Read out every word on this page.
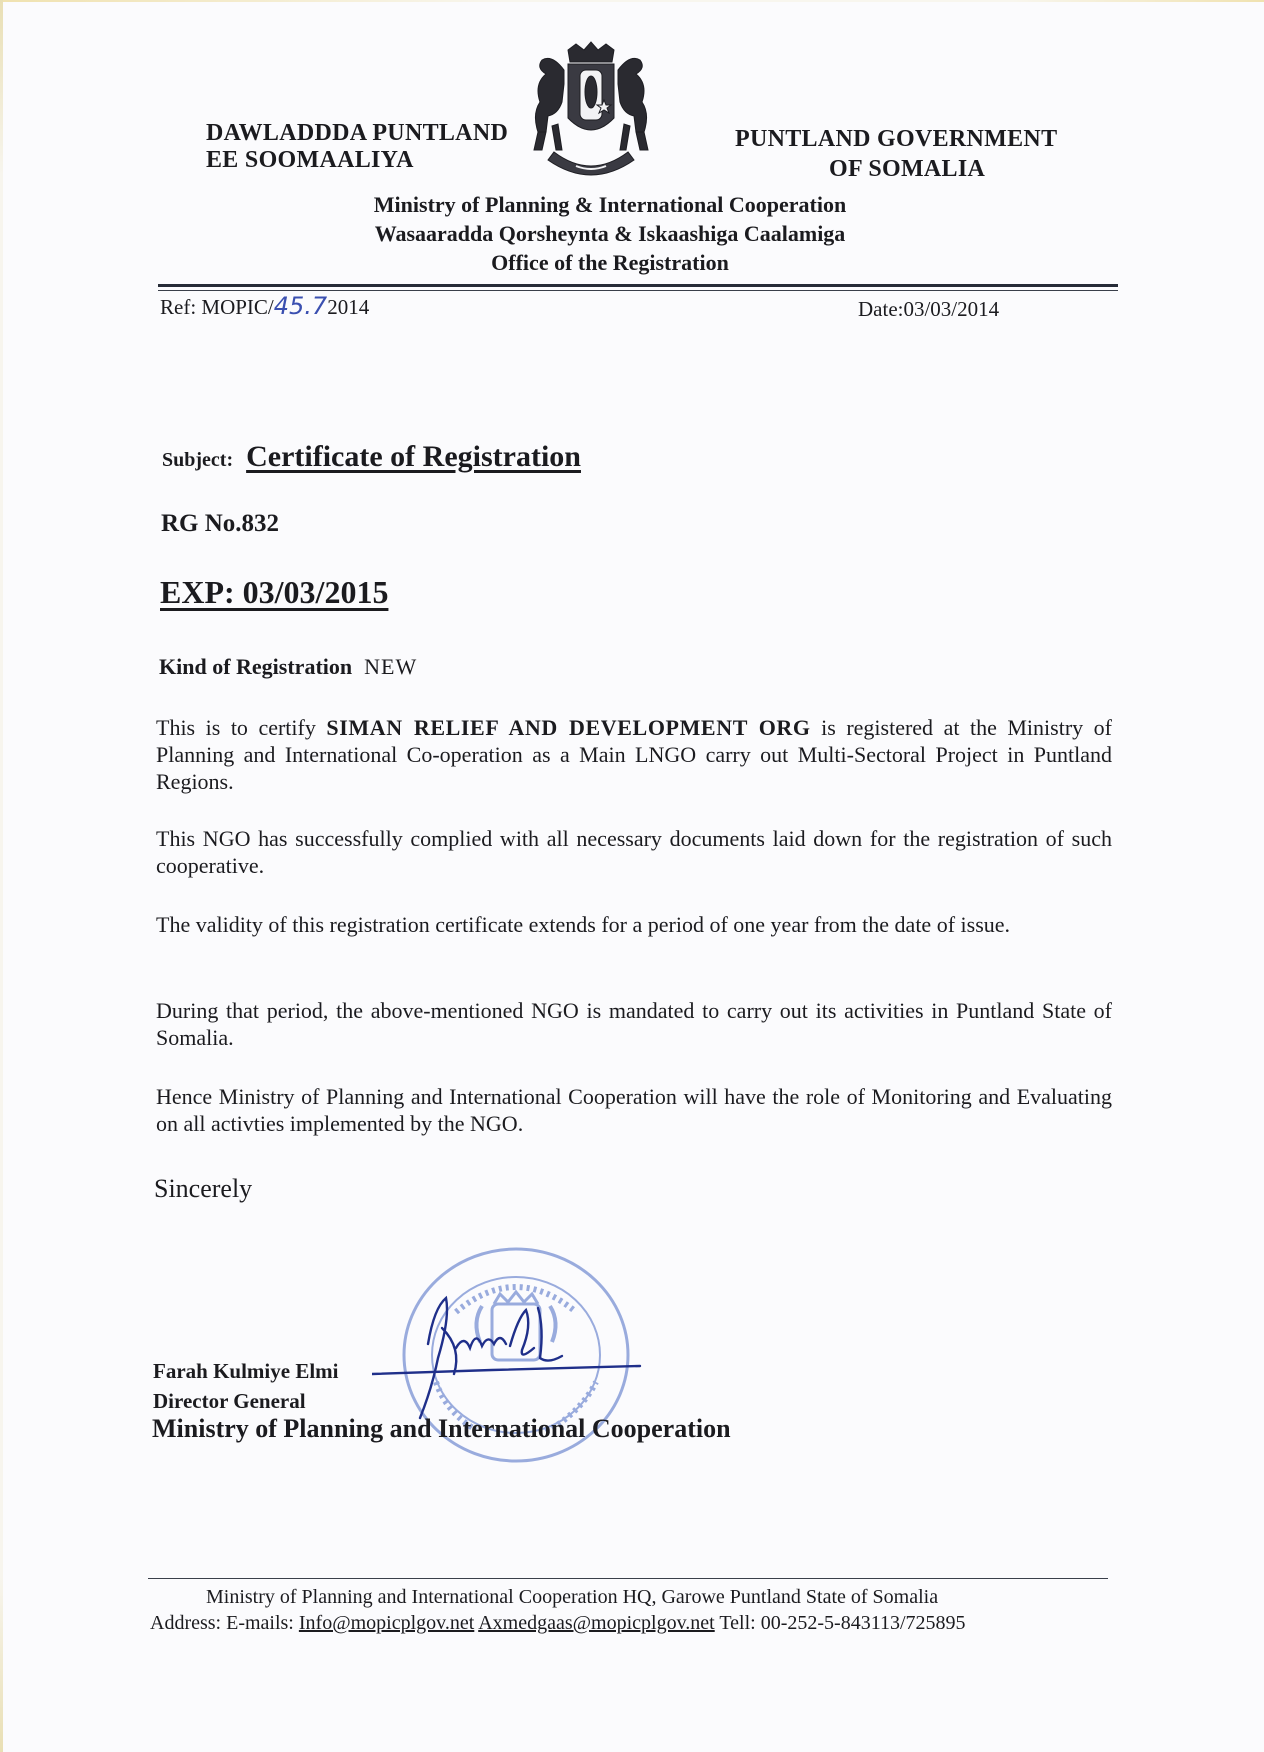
DAWLADDDA PUNTLAND
EE SOOMAALIYA
PUNTLAND GOVERNMENT
OF SOMALIA
Ministry of Planning & International Cooperation
Wasaaradda Qorsheynta & Iskaashiga Caalamiga
Office of the Registration
Ref: MOPIC/45.72014	Date:03/03/2014
Subject: Certificate of Registration
RG No.832
EXP: 03/03/2015
Kind of Registration NEW
This is to certify SIMAN RELIEF AND DEVELOPMENT ORG is registered at the Ministry of Planning and International Co-operation as a Main LNGO carry out Multi-Sectoral Project in Puntland Regions.
This NGO has successfully complied with all necessary documents laid down for the registration of such cooperative.
The validity of this registration certificate extends for a period of one year from the date of issue.
During that period, the above-mentioned NGO is mandated to carry out its activities in Puntland State of Somalia.
Hence Ministry of Planning and International Cooperation will have the role of Monitoring and Evaluating on all activties implemented by the NGO.
Sincerely
Farah Kulmiye Elmi
Director General
Ministry of Planning and International Cooperation
Ministry of Planning and International Cooperation HQ, Garowe Puntland State of Somalia
Address: E-mails: Info@mopicplgov.net Axmedgaas@mopicplgov.net Tell: 00-252-5-843113/725895
